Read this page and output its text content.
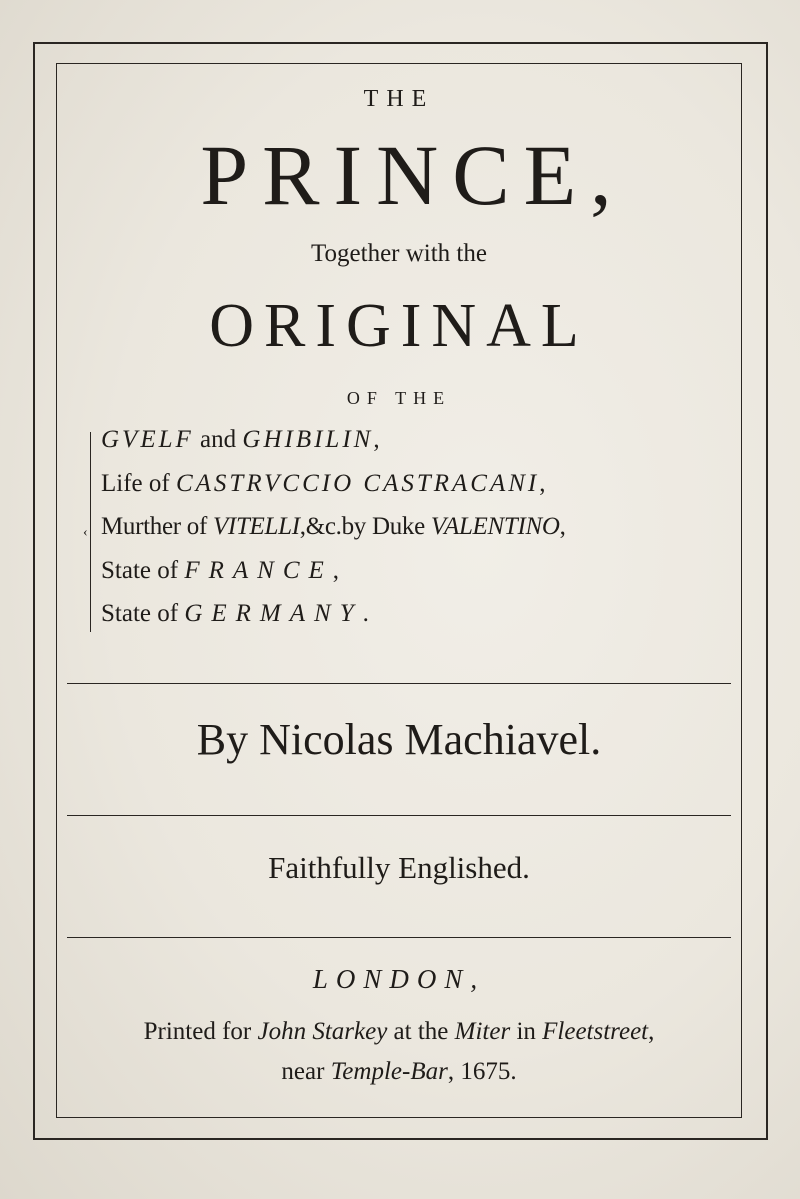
THE
PRINCE,
Together with the
ORIGINAL
OF THE
‹
GVELF and GHIBILIN,
Life of CASTRVCCIO CASTRACANI,
Murther of VITELLI,&c.by Duke VALENTINO,
State of FRANCE,
State of GERMANY.
By Nicolas Machiavel.
Faithfully Englished.
LONDON,
Printed for John Starkey at the Miter in Fleetstreet,
near Temple-Bar, 1675.
